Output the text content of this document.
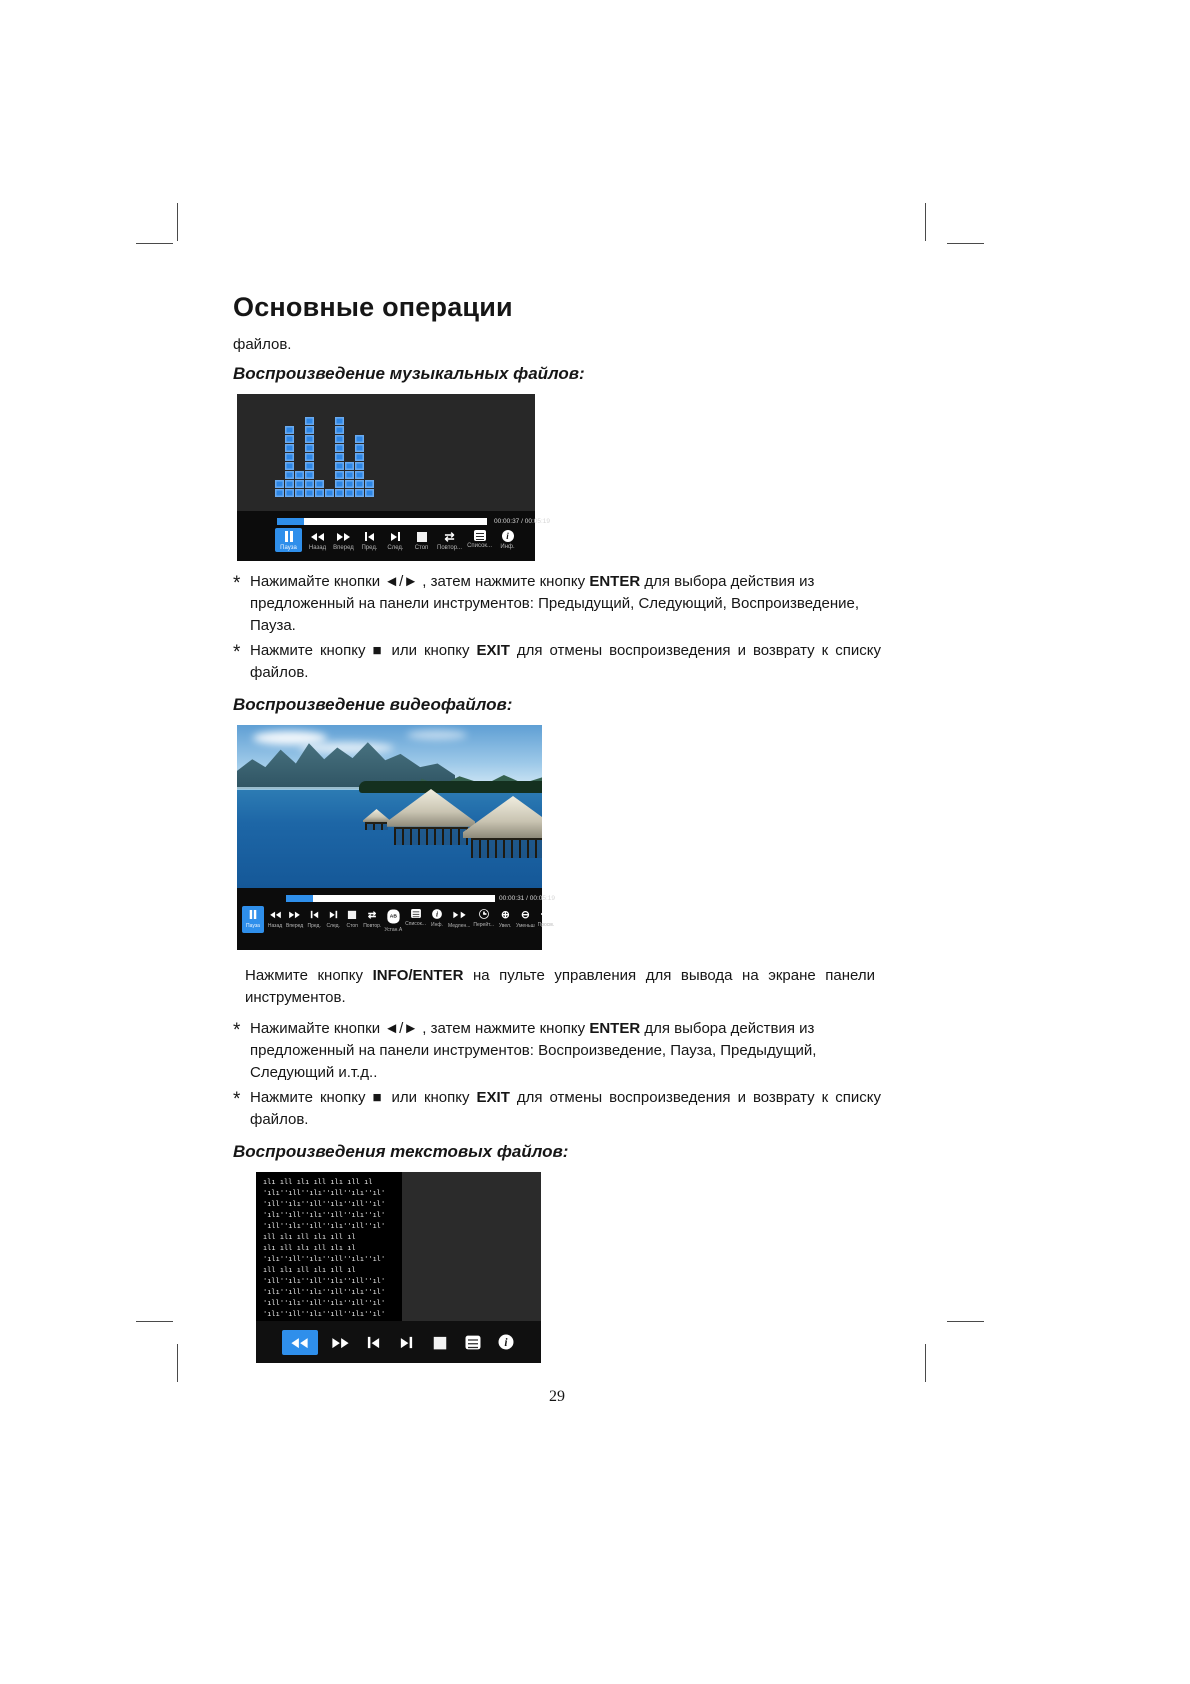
Основные операции

файлов.

Воспроизведение музыкальных файлов:
00:00:37 / 00:05:19
Пауза Назад Вперед Пред. След. Стоп
⇄
Повтор... Список...
i
Инф.
* Нажимайте кнопки ◄/► , затем нажмите кнопку ENTER для выбора действия из предложенный на панели инструментов: Предыдущий, Следующий, Воспроизведение, Пауза.
* Нажмите кнопку ■ или кнопку EXIT для отмены воспроизведения и возврату к списку файлов.
Воспроизведение видеофайлов:
00:00:31 / 00:05:19
Пауза Назад Вперед Пред. След. Стоп
⇄
Повтор.
AB
Устан.А
Список...
i
Инф. Медлен... Перейт...
⊕
Увел.
⊖
Уменьш Просм.
Нажмите кнопку INFO/ENTER на пульте управления для вывода на экране панели инструментов.
* Нажимайте кнопки ◄/► , затем нажмите кнопку ENTER для выбора действия из предложенный на панели инструментов: Воспроизведение, Пауза, Предыдущий, Следующий и.т.д..
* Нажмите кнопку ■ или кнопку EXIT для отмены воспроизведения и возврату к списку файлов.
Воспроизведения текстовых файлов:
ılı ıll ılı ıll ılı ıll ıl
'ılı''ıll''ılı''ıll''ılı''ıl'
'ıll''ılı''ıll''ılı''ıll''ıl'
'ılı''ıll''ılı''ıll''ılı''ıl'
'ıll''ılı''ıll''ılı''ıll''ıl'
ıll ılı ıll ılı ıll ıl
ılı ıll ılı ıll ılı ıl
'ılı''ıll''ılı''ıll''ılı''ıl'
ıll ılı ıll ılı ıll ıl
'ıll''ılı''ıll''ılı''ıll''ıl'
'ılı''ıll''ılı''ıll''ılı''ıl'
'ıll''ılı''ıll''ılı''ıll''ıl'
'ılı''ıll''ılı''ıll''ılı''ıl'
i
29
